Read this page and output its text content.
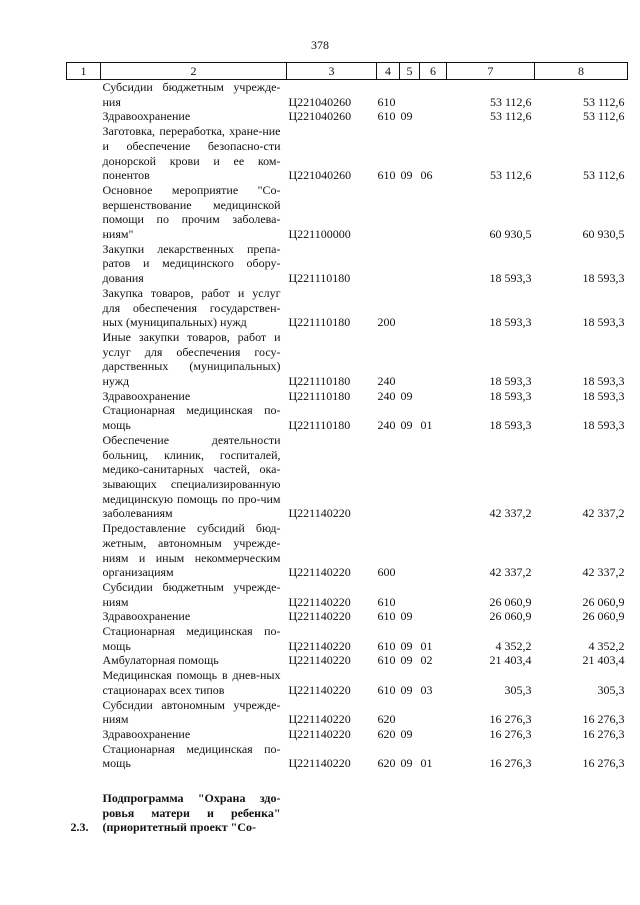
378
1	2	3	4	5	6	7	8
	Субсидии бюджетным учрежде-ния	Ц221040260	610			53 112,6	53 112,6
	Здравоохранение	Ц221040260	610	09		53 112,6	53 112,6
	Заготовка, переработка, хране-ние и обеспечение безопасно-сти донорской крови и ее ком-понентов	Ц221040260	610	09	06	53 112,6	53 112,6
	Основное мероприятие "Со-вершенствование медицинской помощи по прочим заболева-ниям"	Ц221100000				60 930,5	60 930,5
	Закупки лекарственных препа-ратов и медицинского обору-дования	Ц221110180				18 593,3	18 593,3
	Закупка товаров, работ и услуг для обеспечения государствен-ных (муниципальных) нужд	Ц221110180	200			18 593,3	18 593,3
	Иные закупки товаров, работ и услуг для обеспечения госу-дарственных (муниципальных) нужд	Ц221110180	240			18 593,3	18 593,3
	Здравоохранение	Ц221110180	240	09		18 593,3	18 593,3
	Стационарная медицинская по-мощь	Ц221110180	240	09	01	18 593,3	18 593,3
	Обеспечение деятельности больниц, клиник, госпиталей, медико-санитарных частей, ока-зывающих специализированную медицинскую помощь по про-чим заболеваниям	Ц221140220				42 337,2	42 337,2
	Предоставление субсидий бюд-жетным, автономным учрежде-ниям и иным некоммерческим организациям	Ц221140220	600			42 337,2	42 337,2
	Субсидии бюджетным учрежде-ниям	Ц221140220	610			26 060,9	26 060,9
	Здравоохранение	Ц221140220	610	09		26 060,9	26 060,9
	Стационарная медицинская по-мощь	Ц221140220	610	09	01	4 352,2	4 352,2
	Амбулаторная помощь	Ц221140220	610	09	02	21 403,4	21 403,4
	Медицинская помощь в днев-ных стационарах всех типов	Ц221140220	610	09	03	305,3	305,3
	Субсидии автономным учрежде-ниям	Ц221140220	620			16 276,3	16 276,3
	Здравоохранение	Ц221140220	620	09		16 276,3	16 276,3
	Стационарная медицинская по-мощь	Ц221140220	620	09	01	16 276,3	16 276,3

2.3.	Подпрограмма "Охрана здо-ровья матери и ребенка" (приоритетный проект "Со-						
